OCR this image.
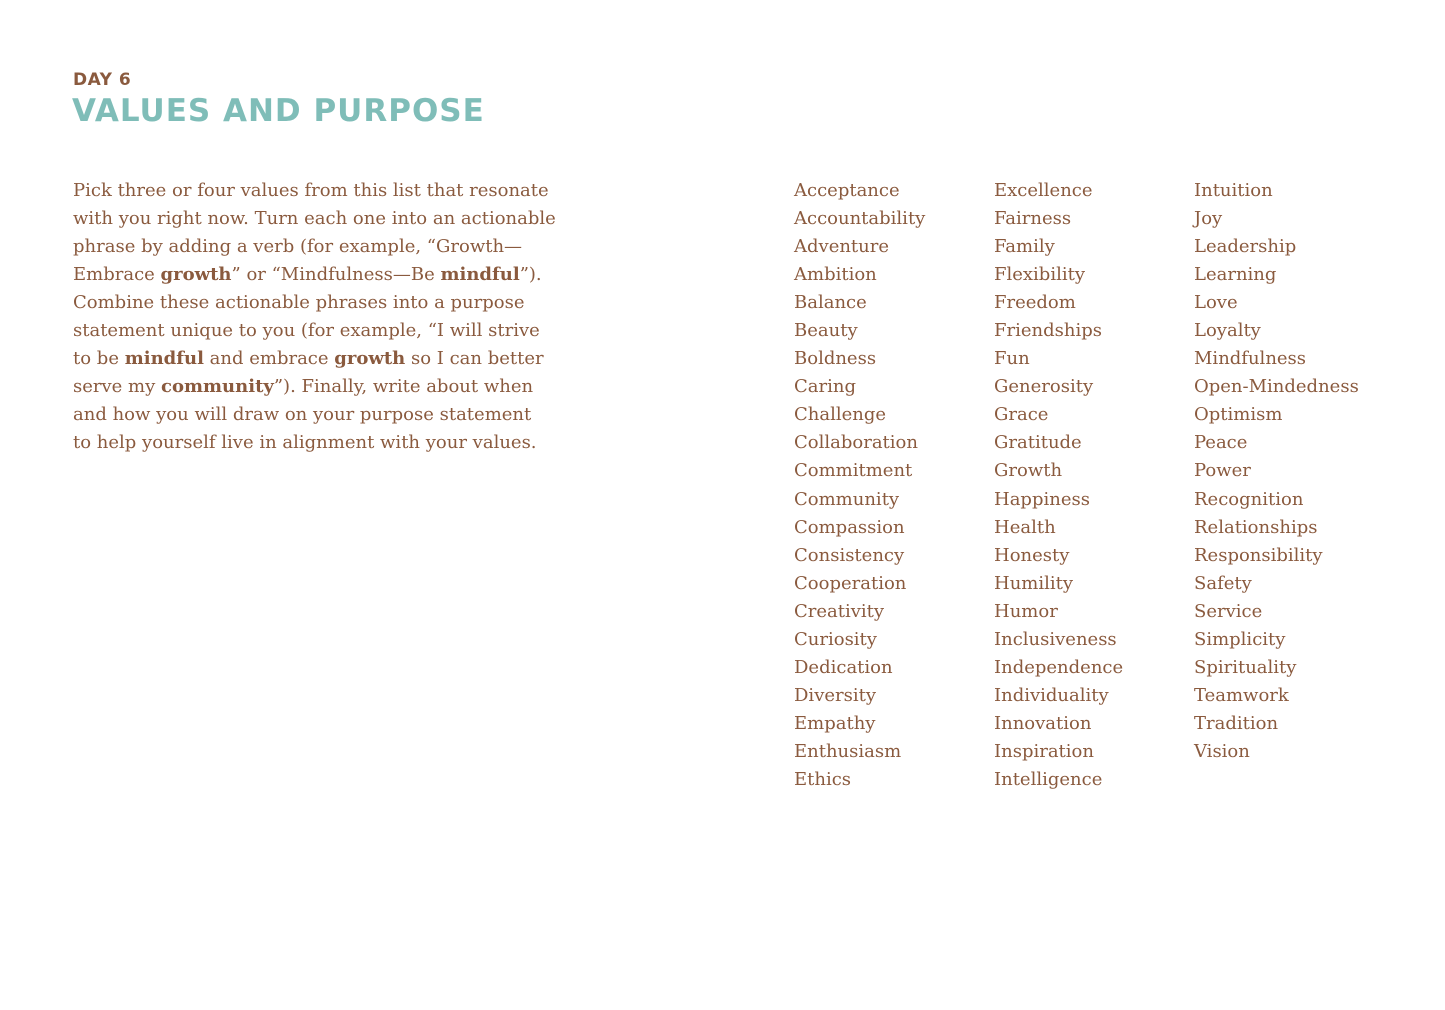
DAY 6
VALUES AND PURPOSE

Pick three or four values from this list that resonate
with you right now. Turn each one into an actionable
phrase by adding a verb (for example, “Growth—
Embrace growth” or “Mindfulness—Be mindful”).
Combine these actionable phrases into a purpose
statement unique to you (for example, “I will strive
to be mindful and embrace growth so I can better
serve my community”). Finally, write about when
and how you will draw on your purpose statement
to help yourself live in alignment with your values.

Acceptance
Accountability
Adventure
Ambition
Balance
Beauty
Boldness
Caring
Challenge
Collaboration
Commitment
Community
Compassion
Consistency
Cooperation
Creativity
Curiosity
Dedication
Diversity
Empathy
Enthusiasm
Ethics
Excellence
Fairness
Family
Flexibility
Freedom
Friendships
Fun
Generosity
Grace
Gratitude
Growth
Happiness
Health
Honesty
Humility
Humor
Inclusiveness
Independence
Individuality
Innovation
Inspiration
Intelligence
Intuition
Joy
Leadership
Learning
Love
Loyalty
Mindfulness
Open-Mindedness
Optimism
Peace
Power
Recognition
Relationships
Responsibility
Safety
Service
Simplicity
Spirituality
Teamwork
Tradition
Vision
